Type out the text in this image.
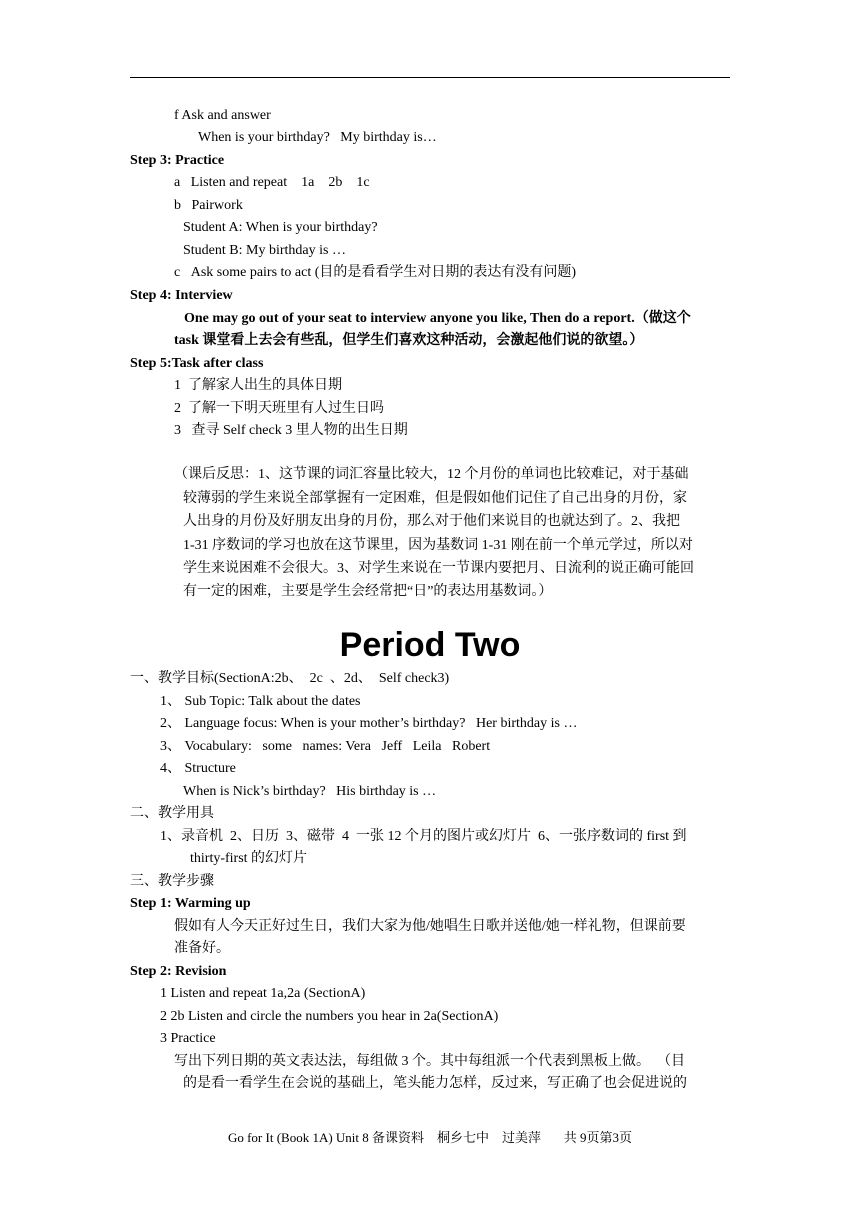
f Ask and answer
When is your birthday?   My birthday is…
Step 3: Practice
a   Listen and repeat    1a    2b    1c
b   Pairwork
Student A: When is your birthday?
Student B: My birthday is …
c   Ask some pairs to act (目的是看看学生对日期的表达有没有问题)
Step 4: Interview
One may go out of your seat to interview anyone you like, Then do a report.（做这个
task 课堂看上去会有些乱，但学生们喜欢这种活动，会激起他们说的欲望。）
Step 5:Task after class
1  了解家人出生的具体日期
2  了解一下明天班里有人过生日吗
3   查寻 Self check 3 里人物的出生日期
（课后反思：1、这节课的词汇容量比较大，12 个月份的单词也比较难记，对于基础
较薄弱的学生来说全部掌握有一定困难，但是假如他们记住了自己出身的月份，家
人出身的月份及好朋友出身的月份，那么对于他们来说目的也就达到了。2、我把
1-31 序数词的学习也放在这节课里，因为基数词 1-31 刚在前一个单元学过，所以对
学生来说困难不会很大。3、对学生来说在一节课内要把月、日流利的说正确可能回
有一定的困难，主要是学生会经常把“日”的表达用基数词。）
Period Two
一、教学目标(SectionA:2b、  2c  、2d、  Self check3)
1、 Sub Topic: Talk about the dates
2、 Language focus: When is your mother’s birthday?   Her birthday is …
3、 Vocabulary:   some   names: Vera   Jeff   Leila   Robert
4、 Structure
When is Nick’s birthday?   His birthday is …
二、教学用具
1、录音机  2、日历  3、磁带  4  一张 12 个月的图片或幻灯片  6、一张序数词的 first 到
thirty-first 的幻灯片
三、教学步骤
Step 1: Warming up
假如有人今天正好过生日，我们大家为他/她唱生日歌并送他/她一样礼物，但课前要
准备好。
Step 2: Revision
1 Listen and repeat 1a,2a (SectionA)
2 2b Listen and circle the numbers you hear in 2a(SectionA)
3 Practice
写出下列日期的英文表达法，每组做 3 个。其中每组派一个代表到黑板上做。  （目
的是看一看学生在会说的基础上，笔头能力怎样，反过来，写正确了也会促进说的
Go for It (Book 1A) Unit 8 备课资料    桐乡七中    过美萍       共 9页第3页
